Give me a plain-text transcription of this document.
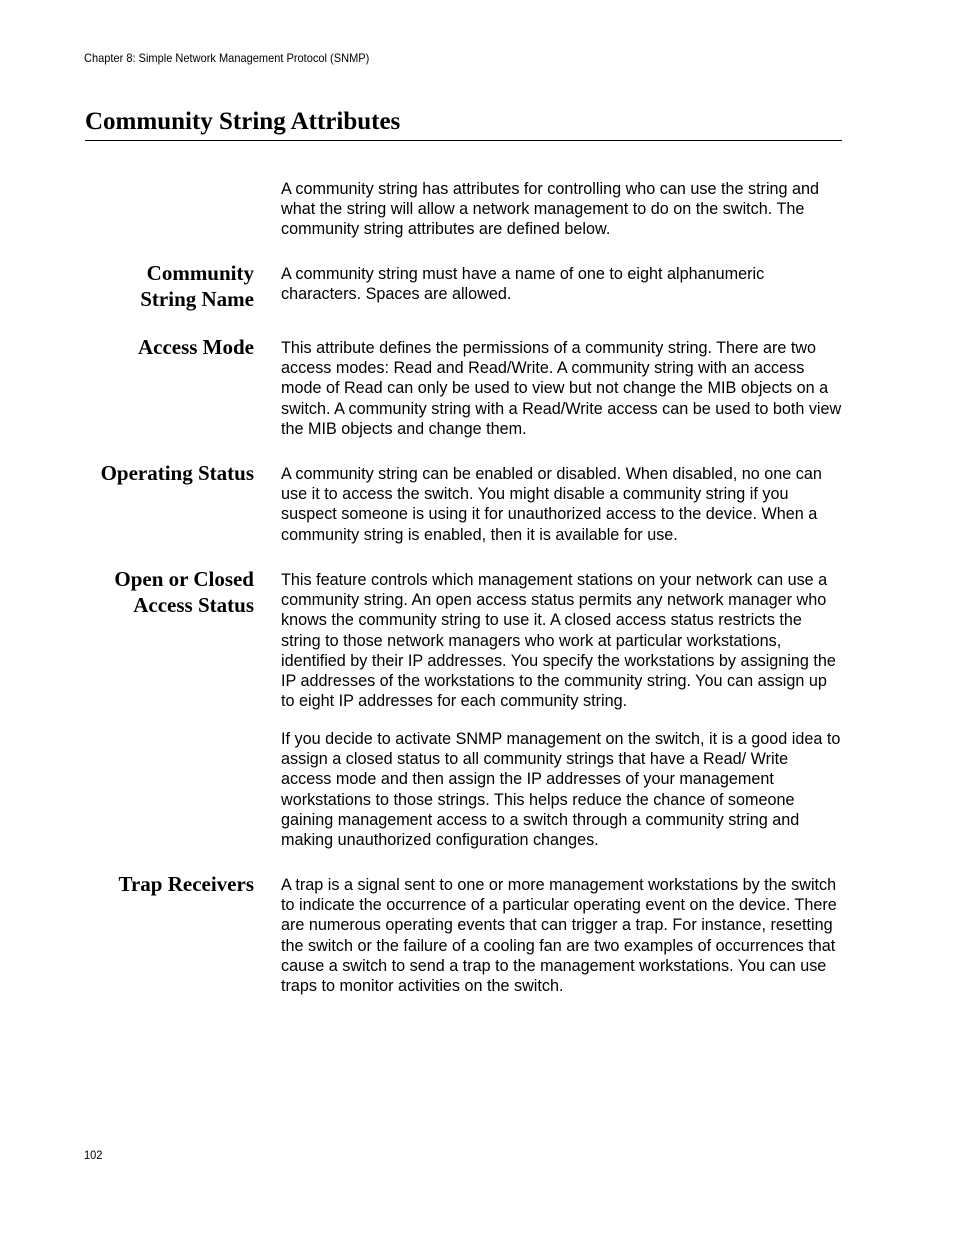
Chapter 8: Simple Network Management Protocol (SNMP)
Community String Attributes

A community string has attributes for controlling who can use the string and what the string will allow a network management to do on the switch. The community string attributes are defined below.

Community
String Name

A community string must have a name of one to eight alphanumeric characters. Spaces are allowed.

Access Mode This attribute defines the permissions of a community string. There are two access modes: Read and Read/Write. A community string with an access mode of Read can only be used to view but not change the MIB objects on a switch. A community string with a Read/Write access can be used to both view the MIB objects and change them.

Operating Status A community string can be enabled or disabled. When disabled, no one can use it to access the switch. You might disable a community string if you suspect someone is using it for unauthorized access to the device. When a community string is enabled, then it is available for use.

Open or Closed
Access Status

This feature controls which management stations on your network can use a community string. An open access status permits any network manager who knows the community string to use it. A closed access status restricts the string to those network managers who work at particular workstations, identified by their IP addresses. You specify the workstations by assigning the IP addresses of the workstations to the community string. You can assign up to eight IP addresses for each community string.

If you decide to activate SNMP management on the switch, it is a good idea to assign a closed status to all community strings that have a Read/ Write access mode and then assign the IP addresses of your management workstations to those strings. This helps reduce the chance of someone gaining management access to a switch through a community string and making unauthorized configuration changes.

Trap Receivers A trap is a signal sent to one or more management workstations by the switch to indicate the occurrence of a particular operating event on the device. There are numerous operating events that can trigger a trap. For instance, resetting the switch or the failure of a cooling fan are two examples of occurrences that cause a switch to send a trap to the management workstations. You can use traps to monitor activities on the switch.

102
